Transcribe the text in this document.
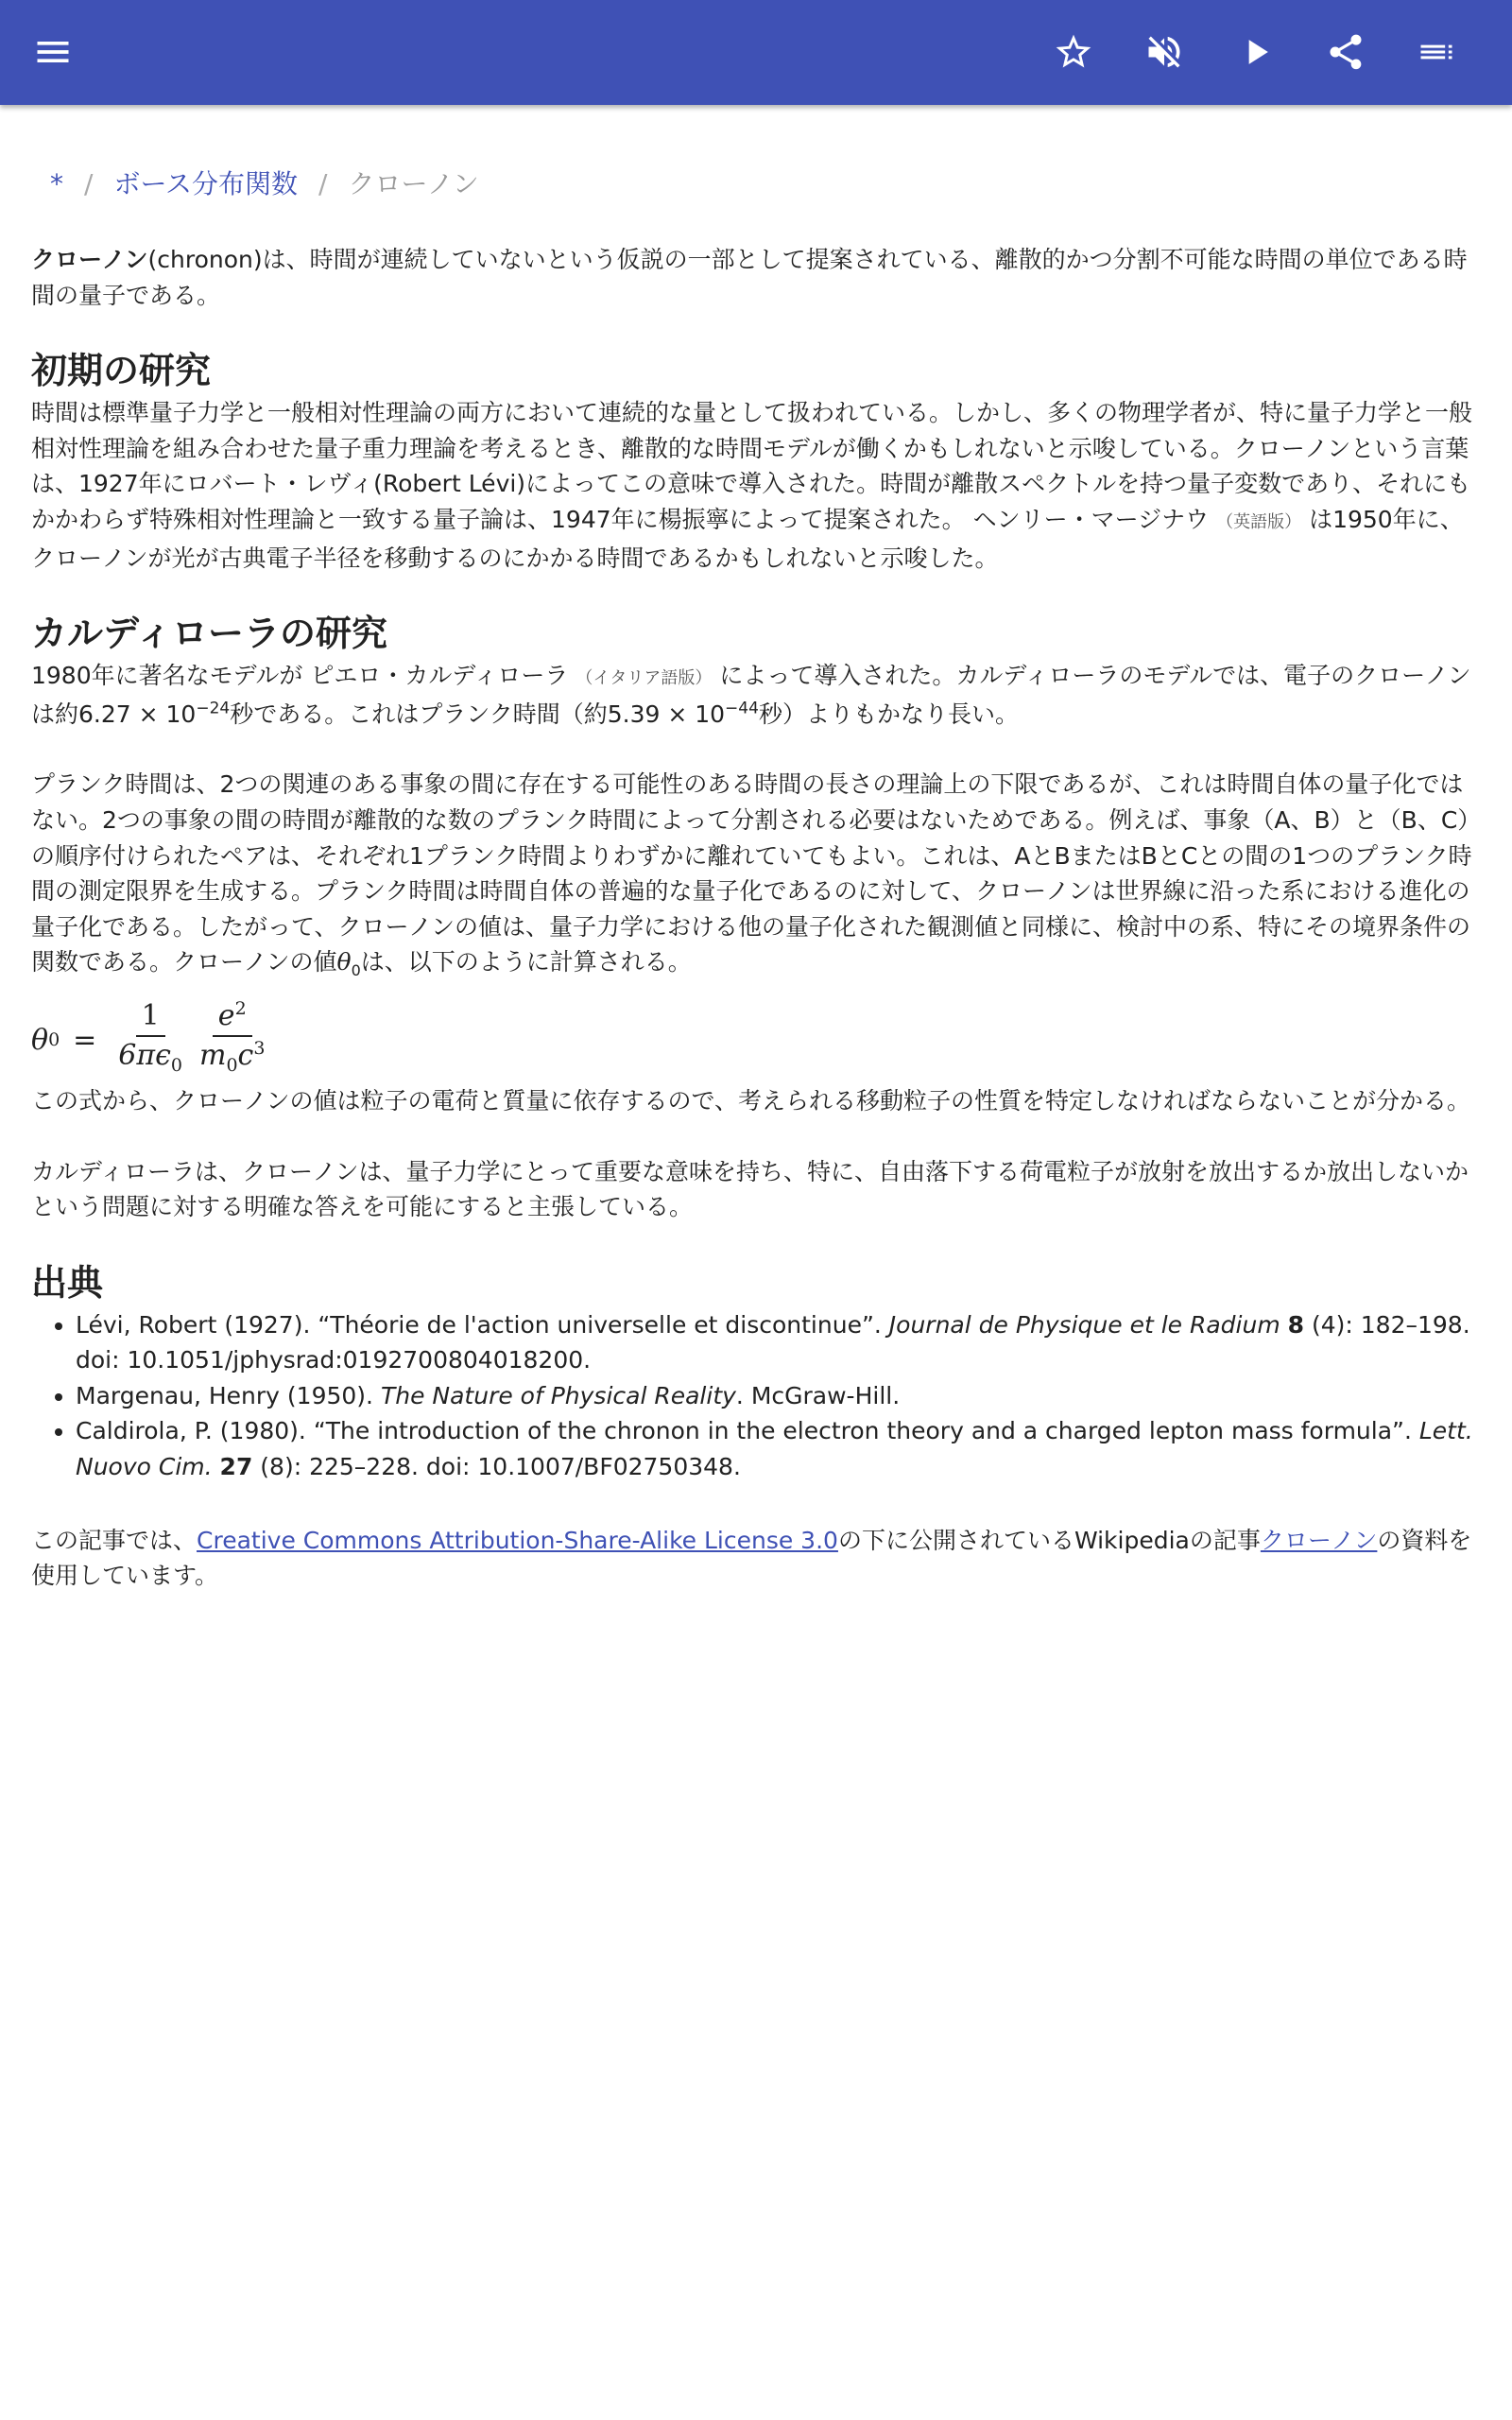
* / ボース分布関数 / クローノン

クローノン(chronon)は、時間が連続していないという仮説の一部として提案されている、離散的かつ分割不可能な時間の単位である時間の量子である。

初期の研究

時間は標準量子力学と一般相対性理論の両方において連続的な量として扱われている。しかし、多くの物理学者が、特に量子力学と一般相対性理論を組み合わせた量子重力理論を考えるとき、離散的な時間モデルが働くかもしれないと示唆している。クローノンという言葉は、1927年にロバート・レヴィ(Robert Lévi)によってこの意味で導入された。時間が離散スペクトルを持つ量子変数であり、それにもかかわらず特殊相対性理論と一致する量子論は、1947年に楊振寧によって提案された。 ヘンリー・マージナウ （英語版） は1950年に、クローノンが光が古典電子半径を移動するのにかかる時間であるかもしれないと示唆した。

カルディローラの研究

1980年に著名なモデルが ピエロ・カルディローラ （イタリア語版） によって導入された。カルディローラのモデルでは、電子のクローノンは約$6.27 \times 10^{-24}$秒である。これはプランク時間（約$5.39 \times 10^{-44}$秒）よりもかなり長い。

プランク時間は、2つの関連のある事象の間に存在する可能性のある時間の長さの理論上の下限であるが、これは時間自体の量子化ではない。2つの事象の間の時間が離散的な数のプランク時間によって分割される必要はないためである。例えば、事象（A、B）と（B、C）の順序付けられたペアは、それぞれ1プランク時間よりわずかに離れていてもよい。これは、AとBまたはBとCとの間の1つのプランク時間の測定限界を生成する。プランク時間は時間自体の普遍的な量子化であるのに対して、クローノンは世界線に沿った系における進化の量子化である。したがって、クローノンの値は、量子力学における他の量子化された観測値と同様に、検討中の系、特にその境界条件の関数である。クローノンの値$\theta_0$は、以下のように計算される。

θ $0 = \frac{1}{6\pi\epsilon_0} \frac{e^2}{m_0c^3}$

この式から、クローノンの値は粒子の電荷と質量に依存するので、考えられる移動粒子の性質を特定しなければならないことが分かる。

カルディローラは、クローノンは、量子力学にとって重要な意味を持ち、特に、自由落下する荷電粒子が放射を放出するか放出しないかという問題に対する明確な答えを可能にすると主張している。

出典
• Lévi, Robert (1927). “Théorie de l'action universelle et discontinue”. Journal de Physique et le Radium 8 (4): 182–198. doi: 10.1051/jphysrad:0192700804018200.
• Margenau, Henry (1950). The Nature of Physical Reality. McGraw-Hill.
• Caldirola, P. (1980). “The introduction of the chronon in the electron theory and a charged lepton mass formula”. Lett. Nuovo Cim. 27 (8): 225–228. doi: 10.1007/BF02750348.

この記事では、Creative Commons Attribution-Share-Alike License 3.0の下に公開されているWikipediaの記事クローノンの資料を使用しています。
